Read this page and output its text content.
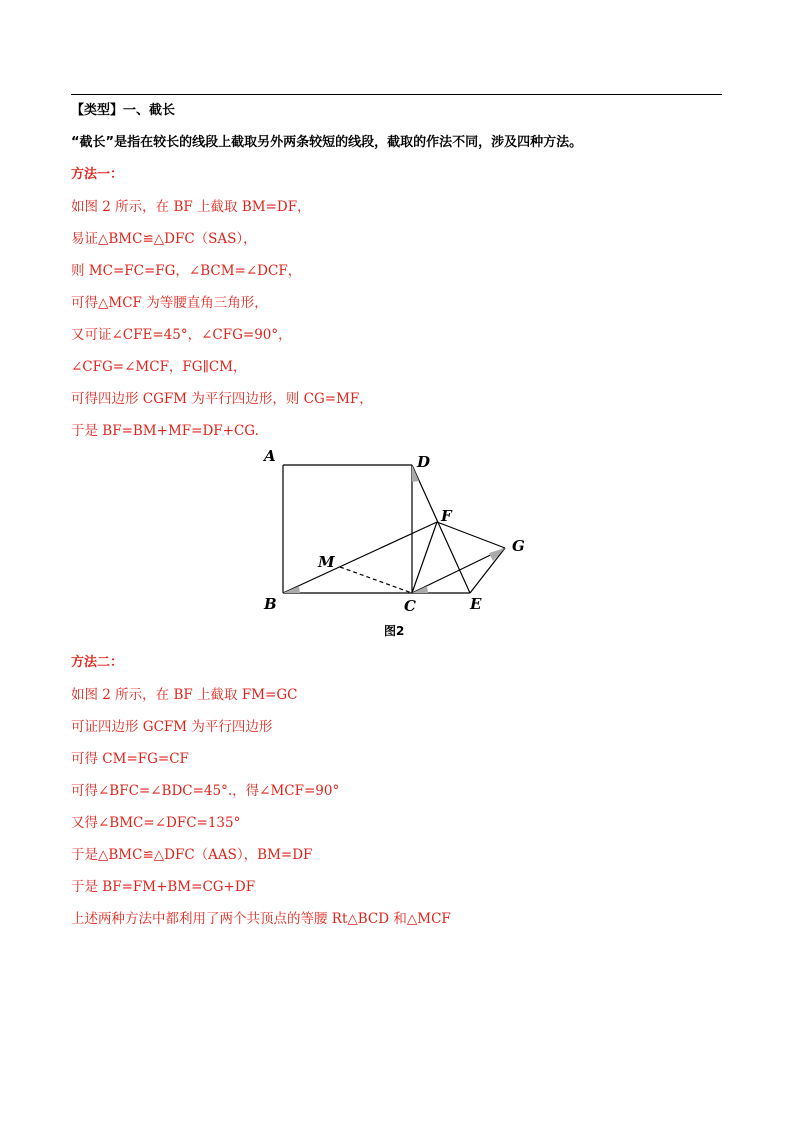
【类型】一、截长
“截长”是指在较长的线段上截取另外两条较短的线段，截取的作法不同，涉及四种方法。
方法一：
如图 2 所示，在 BF 上截取 BM=DF，
易证△BMC≌△DFC（SAS），
则 MC=FC=FG，∠BCM=∠DCF，
可得△MCF 为等腰直角三角形，
又可证∠CFE=45°，∠CFG=90°，
∠CFG=∠MCF，FG∥CM，
可得四边形 CGFM 为平行四边形，则 CG=MF，
于是 BF=BM+MF=DF+CG.
A
B	C
D
E
F
G
M
图2
方法二：
如图 2 所示，在 BF 上截取 FM=GC
可证四边形 GCFM 为平行四边形
可得 CM=FG=CF
可得∠BFC=∠BDC=45°.，得∠MCF=90°
又得∠BMC=∠DFC=135°
于是△BMC≌△DFC（AAS），BM=DF
于是 BF=FM+BM=CG+DF
上述两种方法中都利用了两个共顶点的等腰 Rt△BCD 和△MCF
